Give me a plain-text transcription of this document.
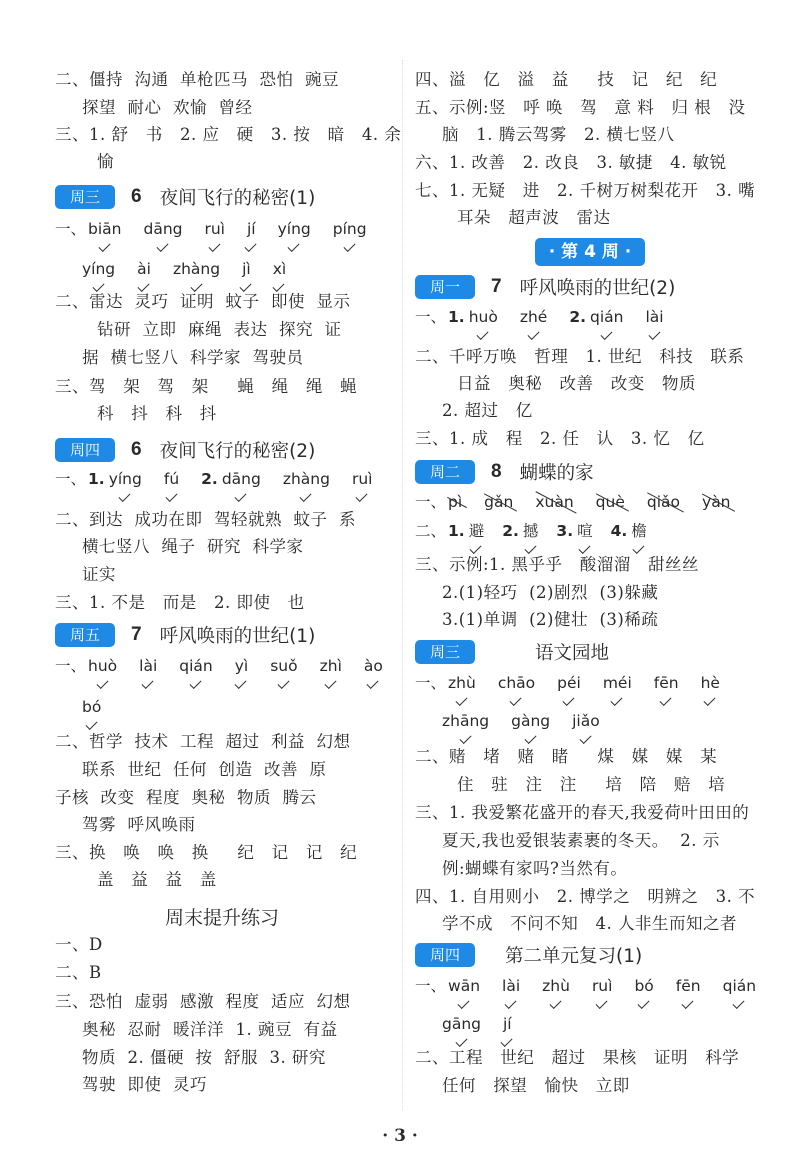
二、僵持  沟通  单枪匹马  恐怕  豌豆
探望  耐心  欢愉  曾经
三、1. 舒   书   2. 应   硬   3. 按   暗   4. 余
愉
周三	6 夜间飞行的秘密(1)
一、 biān dāng ruì jí yíng píng
yíng ài zhàng jì xì
二、雷达  灵巧  证明  蚊子  即使  显示
钻研  立即  麻绳  表达  探究  证
据  横七竖八  科学家  驾驶员
三、驾   架   驾   架     蝇   绳   绳   蝇
科   抖   科   抖
周四	6 夜间飞行的秘密(2)
一、 1. yíng fú 2. dāng zhàng ruì
二、到达  成功在即  驾轻就熟  蚊子  系
横七竖八  绳子  研究  科学家
证实
三、1. 不是   而是   2. 即使   也
周五	7 呼风唤雨的世纪(1)
一、 huò lài qián yì suǒ zhì ào
bó
二、哲学  技术  工程  超过  利益  幻想
联系  世纪  任何  创造  改善  原
子核  改变  程度  奥秘  物质  腾云
驾雾  呼风唤雨
三、换   唤   唤   换     纪   记   记   纪
盖   益   益   盖
周末提升练习
一、D
二、B
三、恐怕  虚弱  感激  程度  适应  幻想
奥秘  忍耐  暖洋洋  1. 豌豆  有益
物质  2. 僵硬  按  舒服  3. 研究
驾驶  即使  灵巧
四、溢   亿   溢   益     技   记   纪   纪
五、示例:竖   呼 唤   驾   意 料   归 根   没
脑   1. 腾云驾雾   2. 横七竖八
六、1. 改善   2. 改良   3. 敏捷   4. 敏锐
七、1. 无疑   进   2. 千树万树梨花开   3. 嘴
耳朵   超声波   雷达
· 第 4 周 ·
周一	7 呼风唤雨的世纪(2)
一、 1. huò zhé 2. qián lài
二、千呼万唤   哲理   1. 世纪   科技   联系
日益   奥秘   改善   改变   物质
2. 超过   亿
三、1. 成   程   2. 任   认   3. 忆   亿
周二	8 蝴蝶的家
一、 pì gǎn xuàn què qiǎo yàn
二、 1. 避 2. 撼 3. 喧 4. 檐
三、示例:1. 黑乎乎   酸溜溜   甜丝丝
2.(1)轻巧  (2)剧烈  (3)躲藏
3.(1)单调  (2)健壮  (3)稀疏
周三	语文园地
一、 zhù chāo péi méi fēn hè
zhāng gàng jiǎo
二、赌   堵   赌   睹     煤   媒   媒   某
住   驻   注   注     培   陪   赔   培
三、1. 我爱繁花盛开的春天,我爱荷叶田田的
夏天,我也爱银装素裹的冬天。  2. 示
例:蝴蝶有家吗?当然有。
四、1. 自用则小   2. 博学之   明辨之   3. 不
学不成   不问不知   4. 人非生而知之者
周四	第二单元复习(1)
一、 wān lài zhù ruì bó fēn qián
gāng jí
二、工程   世纪   超过   果核   证明   科学
任何   探望   愉快   立即
· 3 ·
